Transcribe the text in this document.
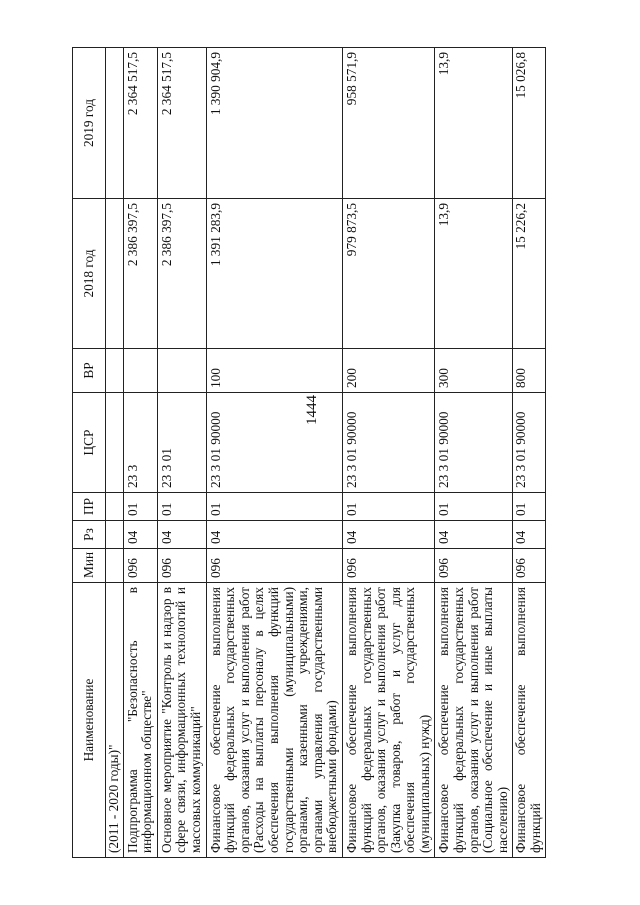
1444
Наименование	Мин	Рз	ПР	ЦСР	ВР	2018 год	2019 год
(2011 - 2020 годы)"							
Подпрограмма "Безопасность в информационном обществе"	096	04	01	23 3		2 386 397,5	2 364 517,5
Основное мероприятие "Контроль и надзор в сфере связи, информационных технологий и массовых коммуникаций"	096	04	01	23 3 01		2 386 397,5	2 364 517,5
Финансовое обеспечение выполнения функций федеральных государственных органов, оказания услуг и выполнения работ (Расходы на выплаты персоналу в целях обеспечения выполнения функций государственными (муниципальными) органами, казенными учреждениями, органами управления государственными внебюджетными фондами)	096	04	01	23 3 01 90000	100	1 391 283,9	1 390 904,9
Финансовое обеспечение выполнения функций федеральных государственных органов, оказания услуг и выполнения работ (Закупка товаров, работ и услуг для обеспечения государственных (муниципальных) нужд)	096	04	01	23 3 01 90000	200	979 873,5	958 571,9
Финансовое обеспечение выполнения функций федеральных государственных органов, оказания услуг и выполнения работ (Социальное обеспечение и иные выплаты населению)	096	04	01	23 3 01 90000	300	13,9	13,9
Финансовое обеспечение выполнения функций	096	04	01	23 3 01 90000	800	15 226,2	15 026,8
